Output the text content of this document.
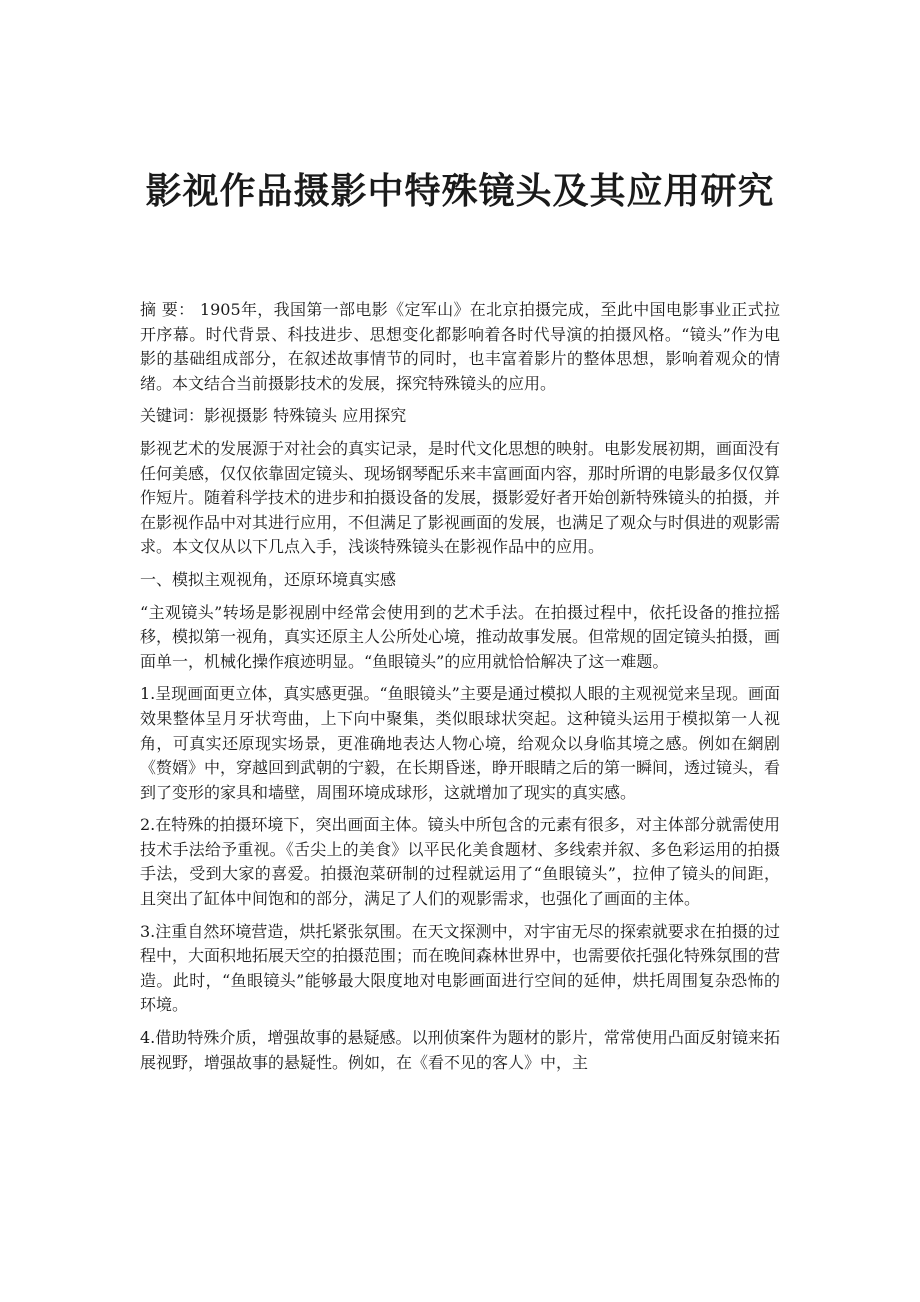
影视作品摄影中特殊镜头及其应用研究

摘 要： 1905年，我国第一部电影《定军山》在北京拍摄完成，至此中国电影事业正式拉开序幕。时代背景、科技进步、思想变化都影响着各时代导演的拍摄风格。“镜头”作为电影的基础组成部分，在叙述故事情节的同时，也丰富着影片的整体思想，影响着观众的情绪。本文结合当前摄影技术的发展，探究特殊镜头的应用。

关键词：影视摄影 特殊镜头 应用探究

影视艺术的发展源于对社会的真实记录，是时代文化思想的映射。电影发展初期，画面没有任何美感，仅仅依靠固定镜头、现场钢琴配乐来丰富画面内容，那时所谓的电影最多仅仅算作短片。随着科学技术的进步和拍摄设备的发展，摄影爱好者开始创新特殊镜头的拍摄，并在影视作品中对其进行应用，不但满足了影视画面的发展，也满足了观众与时俱进的观影需求。本文仅从以下几点入手，浅谈特殊镜头在影视作品中的应用。

一、模拟主观视角，还原环境真实感

“主观镜头”转场是影视剧中经常会使用到的艺术手法。在拍摄过程中，依托设备的推拉摇移，模拟第一视角，真实还原主人公所处心境，推动故事发展。但常规的固定镜头拍摄，画面单一，机械化操作痕迹明显。“鱼眼镜头”的应用就恰恰解决了这一难题。

1.呈现画面更立体，真实感更强。“鱼眼镜头”主要是通过模拟人眼的主观视觉来呈现。画面效果整体呈月牙状弯曲，上下向中聚集，类似眼球状突起。这种镜头运用于模拟第一人视角，可真实还原现实场景，更准确地表达人物心境，给观众以身临其境之感。例如在網剧《赘婿》中，穿越回到武朝的宁毅，在长期昏迷，睁开眼睛之后的第一瞬间，透过镜头，看到了变形的家具和墙壁，周围环境成球形，这就增加了现实的真实感。

2.在特殊的拍摄环境下，突出画面主体。镜头中所包含的元素有很多，对主体部分就需使用技术手法给予重视。《舌尖上的美食》以平民化美食题材、多线索并叙、多色彩运用的拍摄手法，受到大家的喜爱。拍摄泡菜研制的过程就运用了“鱼眼镜头”，拉伸了镜头的间距，且突出了缸体中间饱和的部分，满足了人们的观影需求，也强化了画面的主体。

3.注重自然环境营造，烘托紧张氛围。在天文探测中，对宇宙无尽的探索就要求在拍摄的过程中，大面积地拓展天空的拍摄范围；而在晚间森林世界中，也需要依托强化特殊氛围的营造。此时，“鱼眼镜头”能够最大限度地对电影画面进行空间的延伸，烘托周围复杂恐怖的环境。

4.借助特殊介质，增强故事的悬疑感。以刑侦案件为题材的影片，常常使用凸面反射镜来拓展视野，增强故事的悬疑性。例如，在《看不见的客人》中，主
